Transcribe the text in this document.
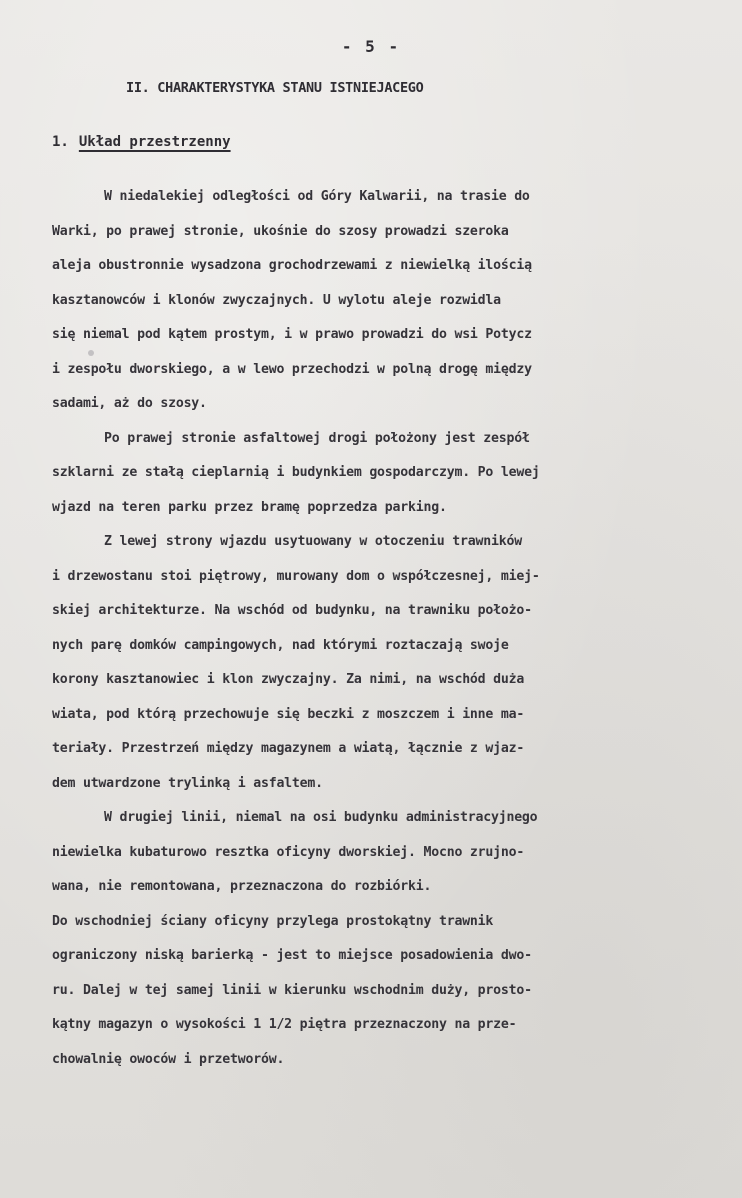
- 5 -
II. CHARAKTERYSTYKA STANU ISTNIEJACEGO
1. Układ przestrzenny
W niedalekiej odległości od Góry Kalwarii, na trasie do
Warki, po prawej stronie, ukośnie do szosy prowadzi szeroka
aleja obustronnie wysadzona grochodrzewami z niewielką ilością
kasztanowców i klonów zwyczajnych. U wylotu aleje rozwidla
się niemal pod kątem prostym, i w prawo prowadzi do wsi Potycz
i zespołu dworskiego, a w lewo przechodzi w polną drogę między
sadami, aż do szosy.
Po prawej stronie asfaltowej drogi położony jest zespół
szklarni ze stałą cieplarnią i budynkiem gospodarczym. Po lewej
wjazd na teren parku przez bramę poprzedza parking.
Z lewej strony wjazdu usytuowany w otoczeniu trawników
i drzewostanu stoi piętrowy, murowany dom o współczesnej, miej-
skiej architekturze. Na wschód od budynku, na trawniku położo-
nych parę domków campingowych, nad którymi roztaczają swoje
korony kasztanowiec i klon zwyczajny. Za nimi, na wschód duża
wiata, pod którą przechowuje się beczki z moszczem i inne ma-
teriały. Przestrzeń między magazynem a wiatą, łącznie z wjaz-
dem utwardzone trylinką i asfaltem.
W drugiej linii, niemal na osi budynku administracyjnego
niewielka kubaturowo resztka oficyny dworskiej. Mocno zrujno-
wana, nie remontowana, przeznaczona do rozbiórki.
Do wschodniej ściany oficyny przylega prostokątny trawnik
ograniczony niską barierką - jest to miejsce posadowienia dwo-
ru. Dalej w tej samej linii w kierunku wschodnim duży, prosto-
kątny magazyn o wysokości 1 1/2 piętra przeznaczony na prze-
chowalnię owoców i przetworów.
